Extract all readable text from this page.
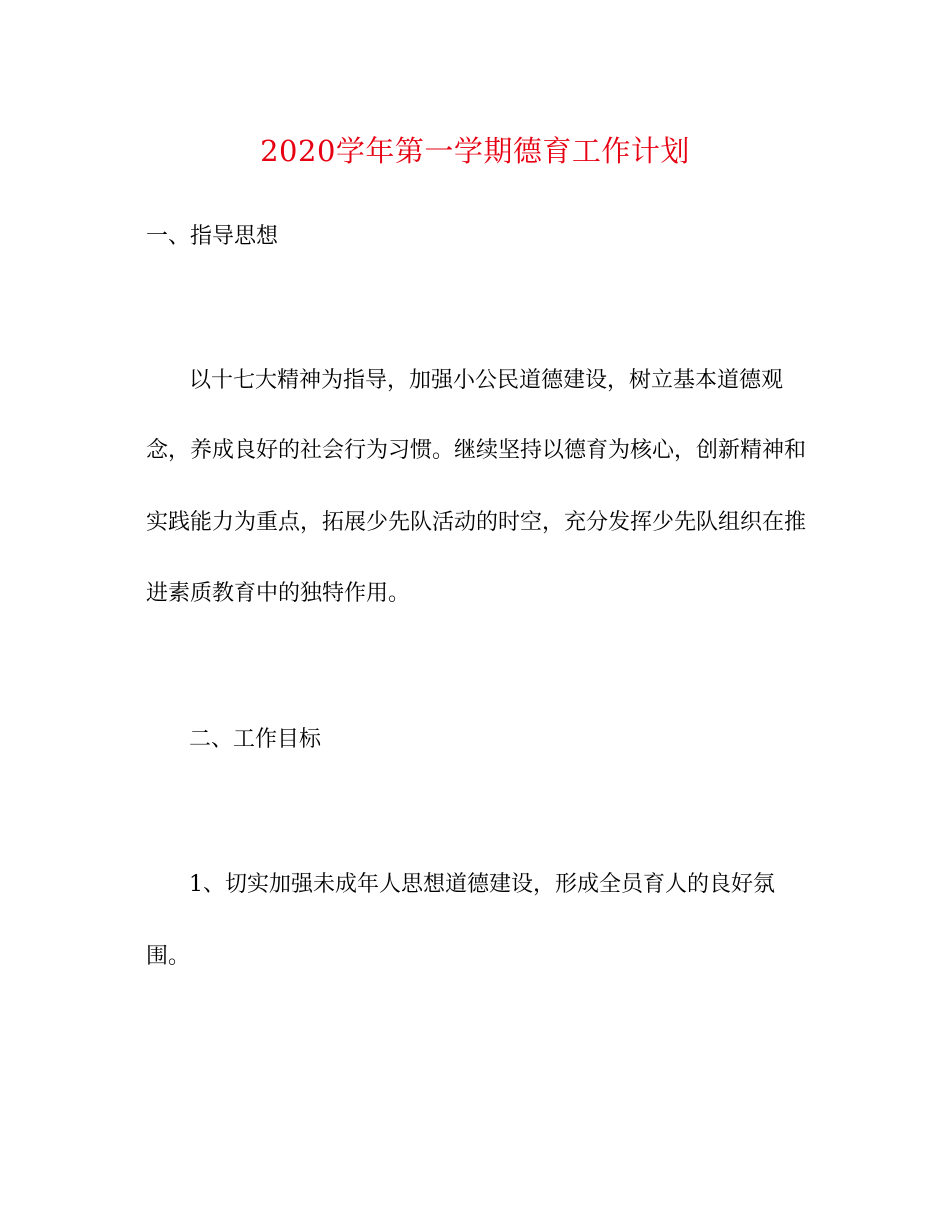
2020学年第一学期德育工作计划
一、指导思想
以十七大精神为指导，加强小公民道德建设，树立基本道德观
念，养成良好的社会行为习惯。继续坚持以德育为核心，创新精神和
实践能力为重点，拓展少先队活动的时空，充分发挥少先队组织在推
进素质教育中的独特作用。
二、工作目标
1、切实加强未成年人思想道德建设，形成全员育人的良好氛
围。
